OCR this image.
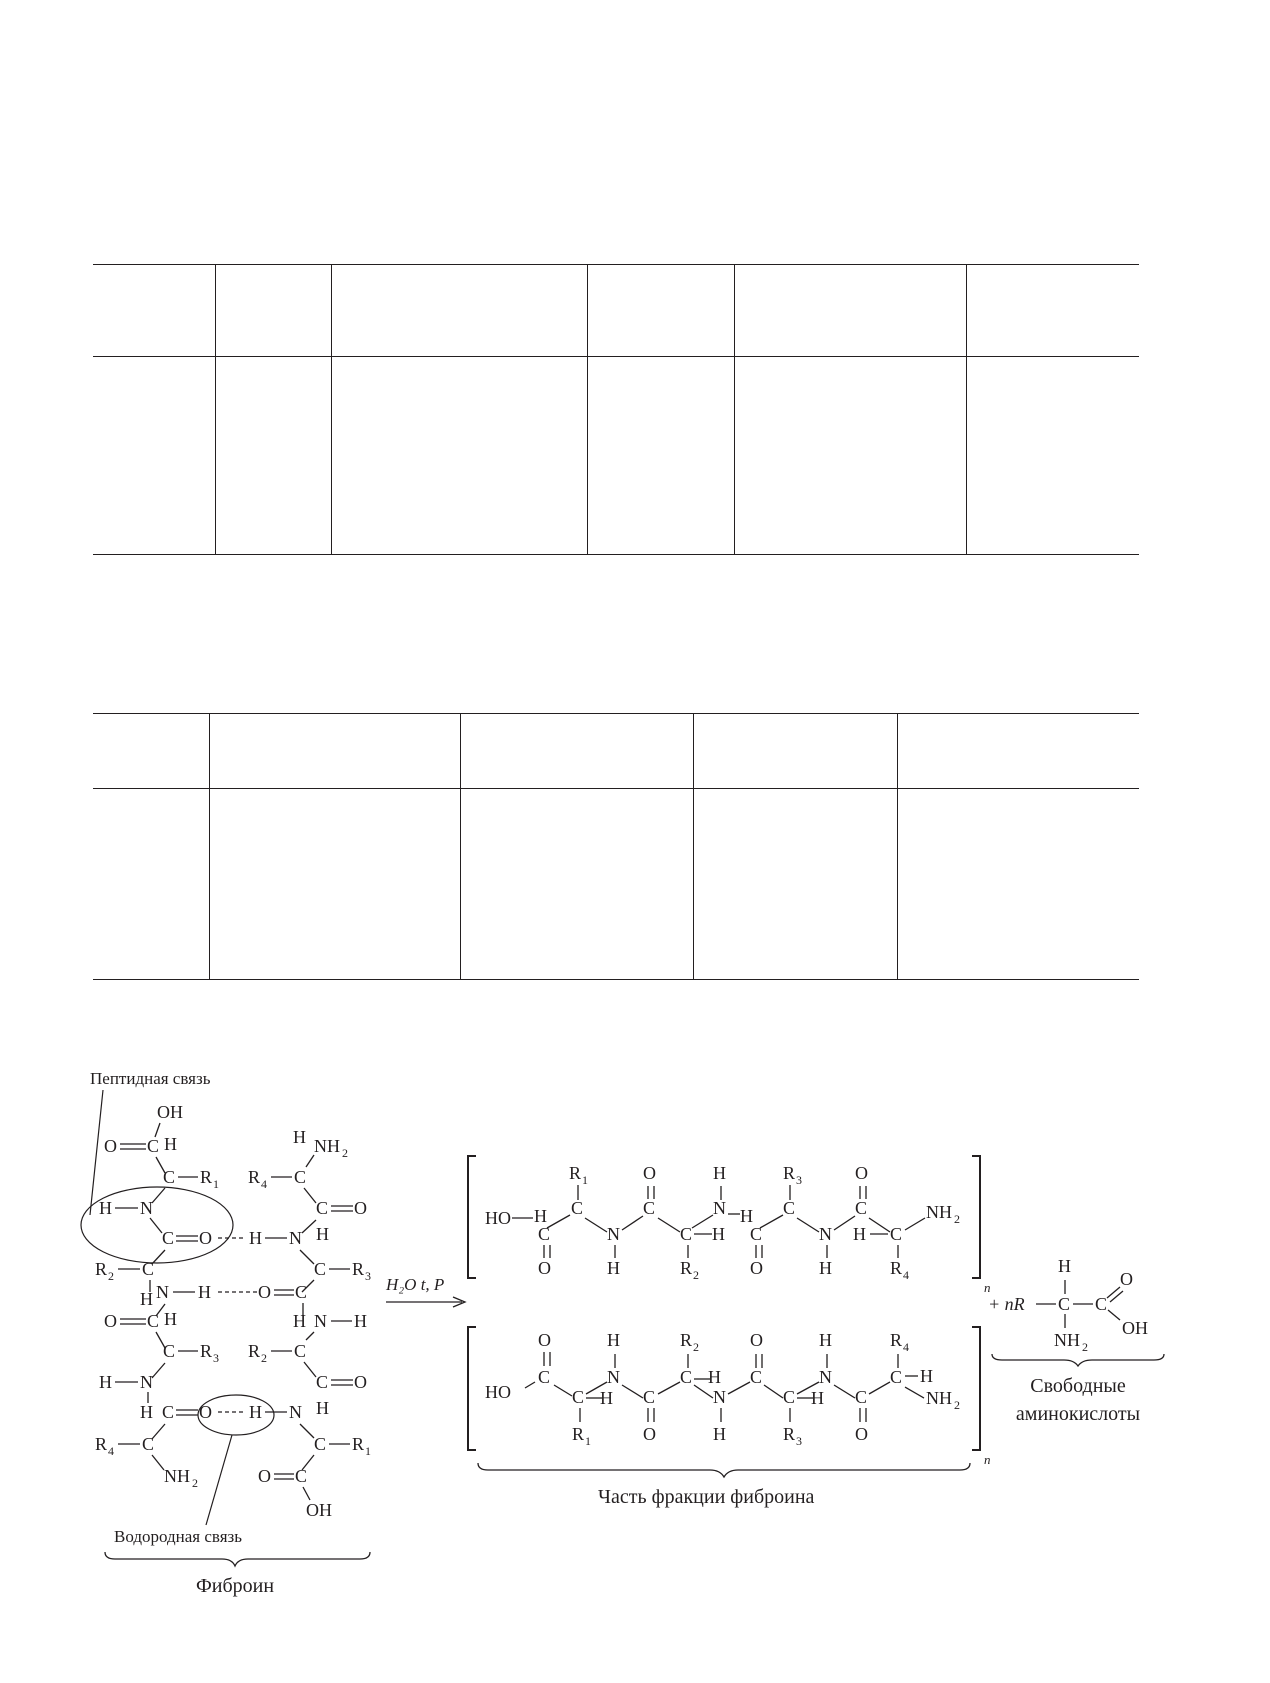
Пептидная связь
OH
O C H
C R 1
H N
C O
R 2 C
H N H
O C H
C R 3
H N
H C O
R 4 C
NH 2
H NH 2
R 4 C
C O
H N H
C R 3
O C
H N H
R 2 C
C O
H N H
C R 1
O C
OH
Водородная связь
Фиброин
H₂O t, P	n
HO H
C
O
C
R 1
N
H
C
O
C
R 2
H
N
H
H
C
O
C
R 3
N
H
C
O
H C
R 4
NH 2
n
O
C
HO	C
R 1
H
N
H
C
O
C
R 2
H
N
H
C
O
C
R 3
H
N
H
C
O
C
R 4
H
NH 2
Часть фракции фиброина
+ nR C
H
C
O
OH
NH 2
Свободные
аминокислоты
